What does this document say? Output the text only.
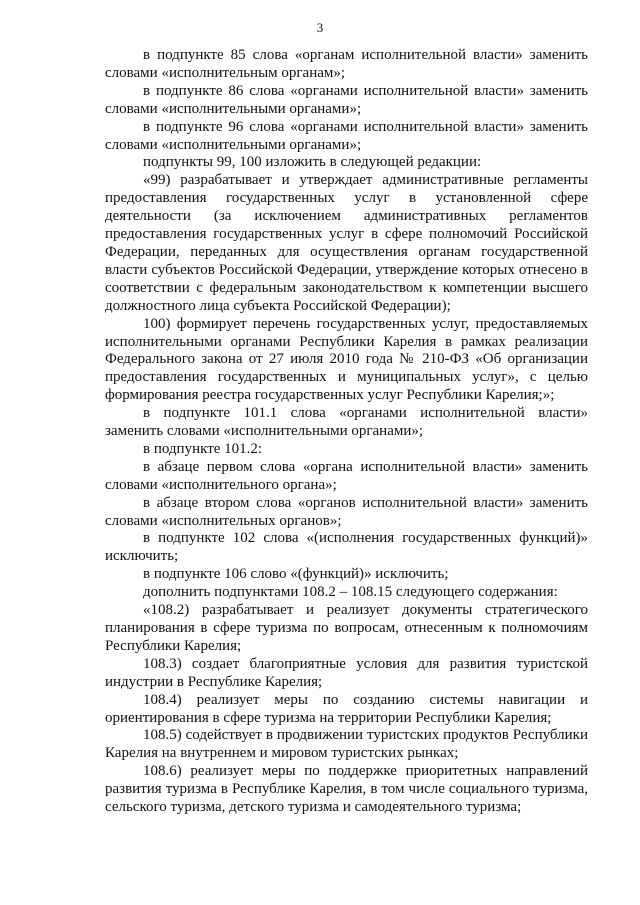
3

в подпункте 85 слова «органам исполнительной власти» заменить словами «исполнительным органам»;

в подпункте 86 слова «органами исполнительной власти» заменить словами «исполнительными органами»;

в подпункте 96 слова «органами исполнительной власти» заменить словами «исполнительными органами»;

подпункты 99, 100 изложить в следующей редакции:

«99) разрабатывает и утверждает административные регламенты предоставления государственных услуг в установленной сфере деятельности (за исключением административных регламентов предоставления государственных услуг в сфере полномочий Российской Федерации, переданных для осуществления органам государственной власти субъектов Российской Федерации, утверждение которых отнесено в соответствии с федеральным законодательством к компетенции высшего должностного лица субъекта Российской Федерации);

100) формирует перечень государственных услуг, предоставляемых исполнительными органами Республики Карелия в рамках реализации Федерального закона от 27 июля 2010 года № 210-ФЗ «Об организации предоставления государственных и муниципальных услуг», с целью формирования реестра государственных услуг Республики Карелия;»;

в подпункте 101.1 слова «органами исполнительной власти» заменить словами «исполнительными органами»;

в подпункте 101.2:

в абзаце первом слова «органа исполнительной власти» заменить словами «исполнительного органа»;

в абзаце втором слова «органов исполнительной власти» заменить словами «исполнительных органов»;

в подпункте 102 слова «(исполнения государственных функций)» исключить;

в подпункте 106 слово «(функций)» исключить;

дополнить подпунктами 108.2 – 108.15 следующего содержания:

«108.2) разрабатывает и реализует документы стратегического планирования в сфере туризма по вопросам, отнесенным к полномочиям Республики Карелия;

108.3) создает благоприятные условия для развития туристской индустрии в Республике Карелия;

108.4) реализует меры по созданию системы навигации и ориентирования в сфере туризма на территории Республики Карелия;

108.5) содействует в продвижении туристских продуктов Республики Карелия на внутреннем и мировом туристских рынках;

108.6) реализует меры по поддержке приоритетных направлений развития туризма в Республике Карелия, в том числе социального туризма, сельского туризма, детского туризма и самодеятельного туризма;
